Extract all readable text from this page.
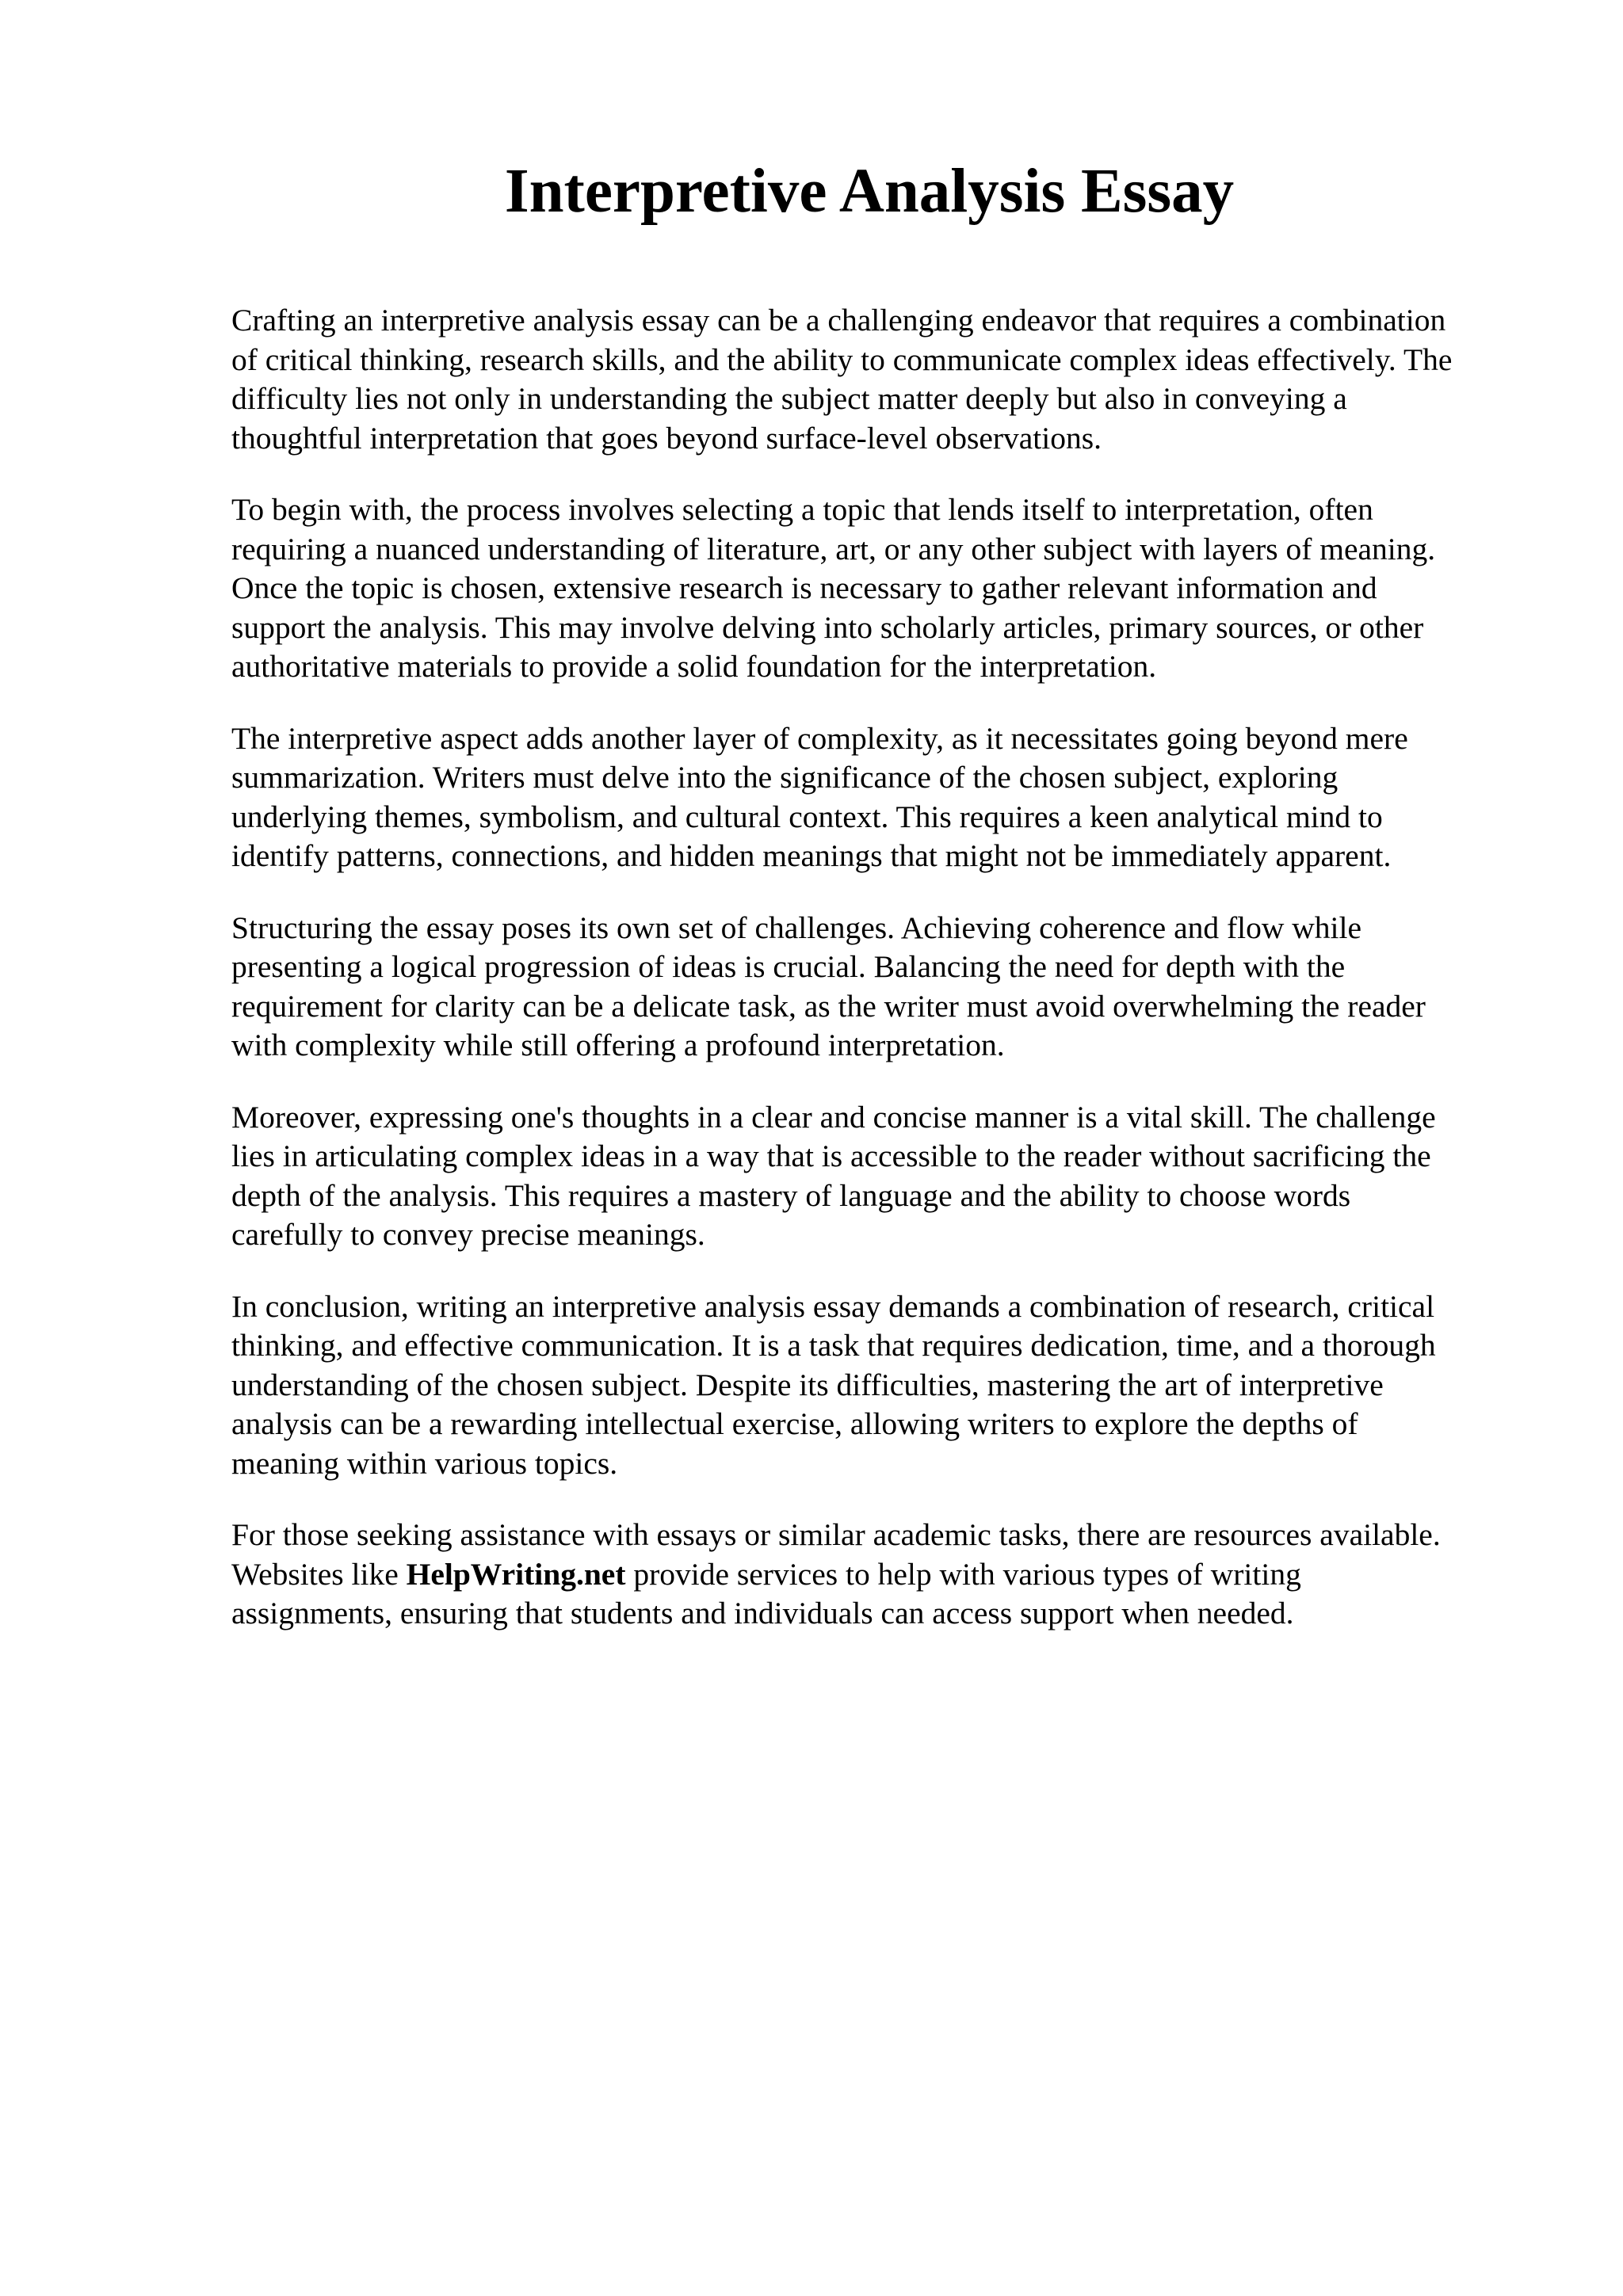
Interpretive Analysis Essay

Crafting an interpretive analysis essay can be a challenging endeavor that requires a combination
of critical thinking, research skills, and the ability to communicate complex ideas effectively. The
difficulty lies not only in understanding the subject matter deeply but also in conveying a
thoughtful interpretation that goes beyond surface-level observations.

To begin with, the process involves selecting a topic that lends itself to interpretation, often
requiring a nuanced understanding of literature, art, or any other subject with layers of meaning.
Once the topic is chosen, extensive research is necessary to gather relevant information and
support the analysis. This may involve delving into scholarly articles, primary sources, or other
authoritative materials to provide a solid foundation for the interpretation.

The interpretive aspect adds another layer of complexity, as it necessitates going beyond mere
summarization. Writers must delve into the significance of the chosen subject, exploring
underlying themes, symbolism, and cultural context. This requires a keen analytical mind to
identify patterns, connections, and hidden meanings that might not be immediately apparent.

Structuring the essay poses its own set of challenges. Achieving coherence and flow while
presenting a logical progression of ideas is crucial. Balancing the need for depth with the
requirement for clarity can be a delicate task, as the writer must avoid overwhelming the reader
with complexity while still offering a profound interpretation.

Moreover, expressing one's thoughts in a clear and concise manner is a vital skill. The challenge
lies in articulating complex ideas in a way that is accessible to the reader without sacrificing the
depth of the analysis. This requires a mastery of language and the ability to choose words
carefully to convey precise meanings.

In conclusion, writing an interpretive analysis essay demands a combination of research, critical
thinking, and effective communication. It is a task that requires dedication, time, and a thorough
understanding of the chosen subject. Despite its difficulties, mastering the art of interpretive
analysis can be a rewarding intellectual exercise, allowing writers to explore the depths of
meaning within various topics.

For those seeking assistance with essays or similar academic tasks, there are resources available.
Websites like HelpWriting.net provide services to help with various types of writing
assignments, ensuring that students and individuals can access support when needed.
